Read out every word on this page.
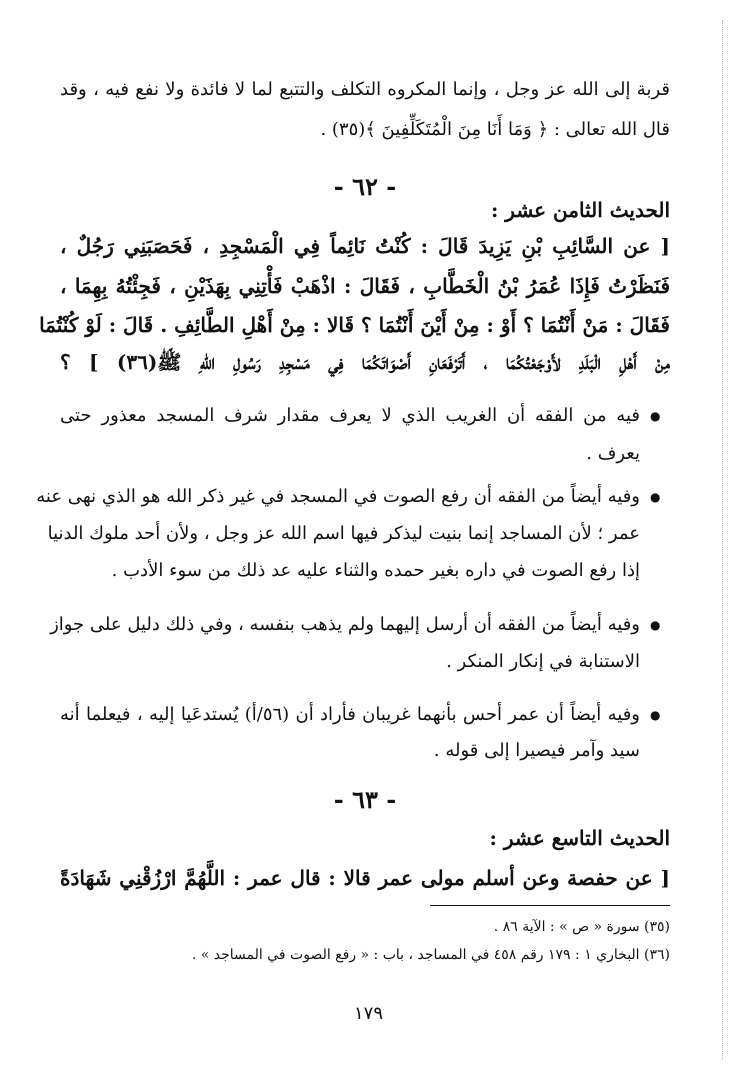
قربة إلى الله عز وجل ، وإنما المكروه التكلف والتتبع لما لا فائدة ولا نفع فيه ، وقد
قال الله تعالى : ﴿ وَمَا أَنَا مِنَ الْمُتَكَلِّفِينَ ﴾(٣٥) .
- ٦٢ -
الحديث الثامن عشر :
[ عن السَّائِبِ بْنِ يَزِيدَ قَالَ : كُنْتُ نَائِماً فِي الْمَسْجِدِ ، فَحَصَبَنِي رَجُلٌ ،
فَنَظَرْتُ فَإِذَا عُمَرُ بْنُ الْخَطَّابِ ، فَقَالَ : اذْهَبْ فَأْتِنِي بِهَذَيْنِ ، فَجِئْتُهُ بِهِمَا ،
فَقَالَ : مَنْ أَنْتُمَا ؟ أَوْ : مِنْ أَيْنَ أَنْتُمَا ؟ قَالا : مِنْ أَهْلِ الطَّائِفِ . قَالَ : لَوْ كُنْتُمَا
مِنْ أَهْلِ الْبَلَدِ لأَوْجَعْتُكُمَا ، أَتَرْفَعَانِ أَصْوَاتَكُمَا فِي مَسْجِدِ رَسُولِ اللهِ ﷺ(٣٦) ] ؟
●
فيه من الفقه أن الغريب الذي لا يعرف مقدار شرف المسجد معذور حتى
يعرف .
●
وفيه أيضاً من الفقه أن رفع الصوت في المسجد في غير ذكر الله هو الذي نهى عنه
عمر ؛ لأن المساجد إنما بنيت ليذكر فيها اسم الله عز وجل ، ولأن أحد ملوك الدنيا
إذا رفع الصوت في داره بغير حمده والثناء عليه عد ذلك من سوء الأدب .
●
وفيه أيضاً من الفقه أن أرسل إليهما ولم يذهب بنفسه ، وفي ذلك دليل على جواز
الاستنابة في إنكار المنكر .
●
وفيه أيضاً أن عمر أحس بأنهما غريبان فأراد أن (٥٦/أ) يُستدعَيا إليه ، فيعلما أنه
سيد وآمر فيصيرا إلى قوله .
- ٦٣ -
الحديث التاسع عشر :
[ عن حفصة وعن أسلم مولى عمر قالا : قال عمر : اللَّهُمَّ ارْزُقْنِي شَهَادَةً
(٣٥) سورة « ص » : الآية ٨٦ .
(٣٦) البخاري ١ : ١٧٩ رقم ٤٥٨ في المساجد ، باب : « رفع الصوت في المساجد » .
١٧٩
